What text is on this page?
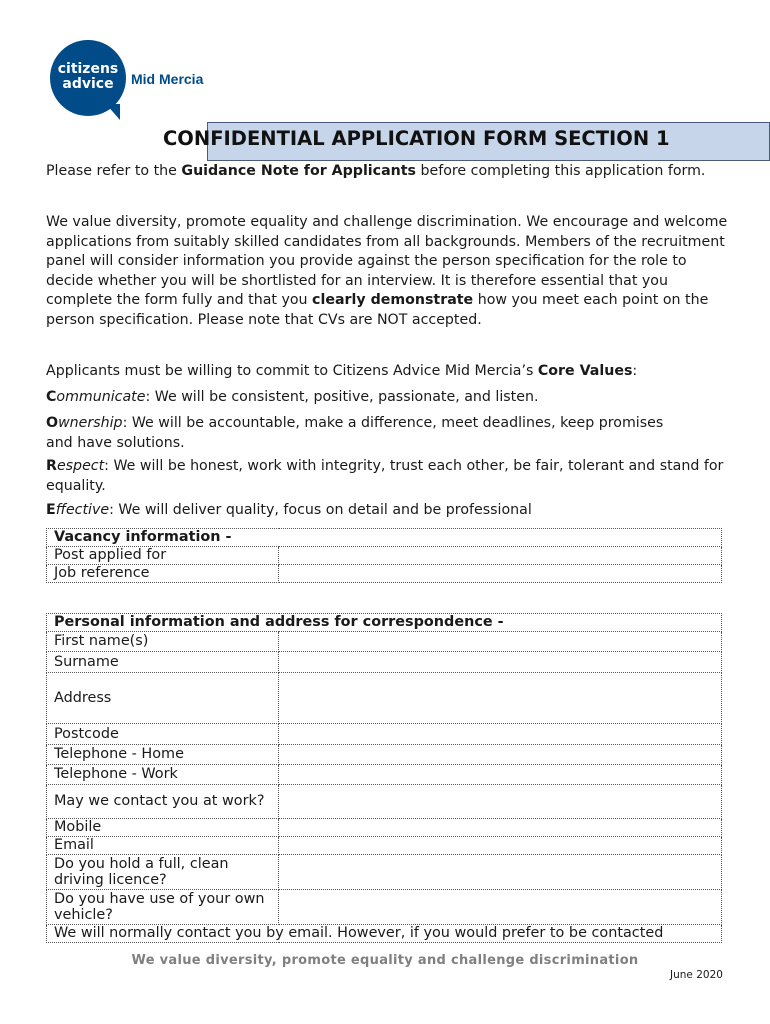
citizens
advice	Mid Mercia
CONFIDENTIAL APPLICATION FORM SECTION 1

Please refer to the Guidance Note for Applicants before completing this application form.

We value diversity, promote equality and challenge discrimination. We encourage and welcome applications from suitably skilled candidates from all backgrounds. Members of the recruitment panel will consider information you provide against the person specification for the role to decide whether you will be shortlisted for an interview. It is therefore essential that you complete the form fully and that you clearly demonstrate how you meet each point on the person specification. Please note that CVs are NOT accepted.

Applicants must be willing to commit to Citizens Advice Mid Mercia’s Core Values:

Communicate: We will be consistent, positive, passionate, and listen.

Ownership: We will be accountable, make a difference, meet deadlines, keep promises and have solutions.

Respect: We will be honest, work with integrity, trust each other, be fair, tolerant and stand for equality.

Effective: We will deliver quality, focus on detail and be professional

Vacancy information -	
Post applied for	
Job reference	
Personal information and address for correspondence -	
First name(s)	
Surname	
Address	
Postcode	
Telephone - Home	
Telephone - Work	
May we contact you at work?	
Mobile	
Email	
Do you hold a full, clean driving licence?	
Do you have use of your own vehicle?	
We will normally contact you by email. However, if you would prefer to be contacted	

We value diversity, promote equality and challenge discrimination

June 2020
